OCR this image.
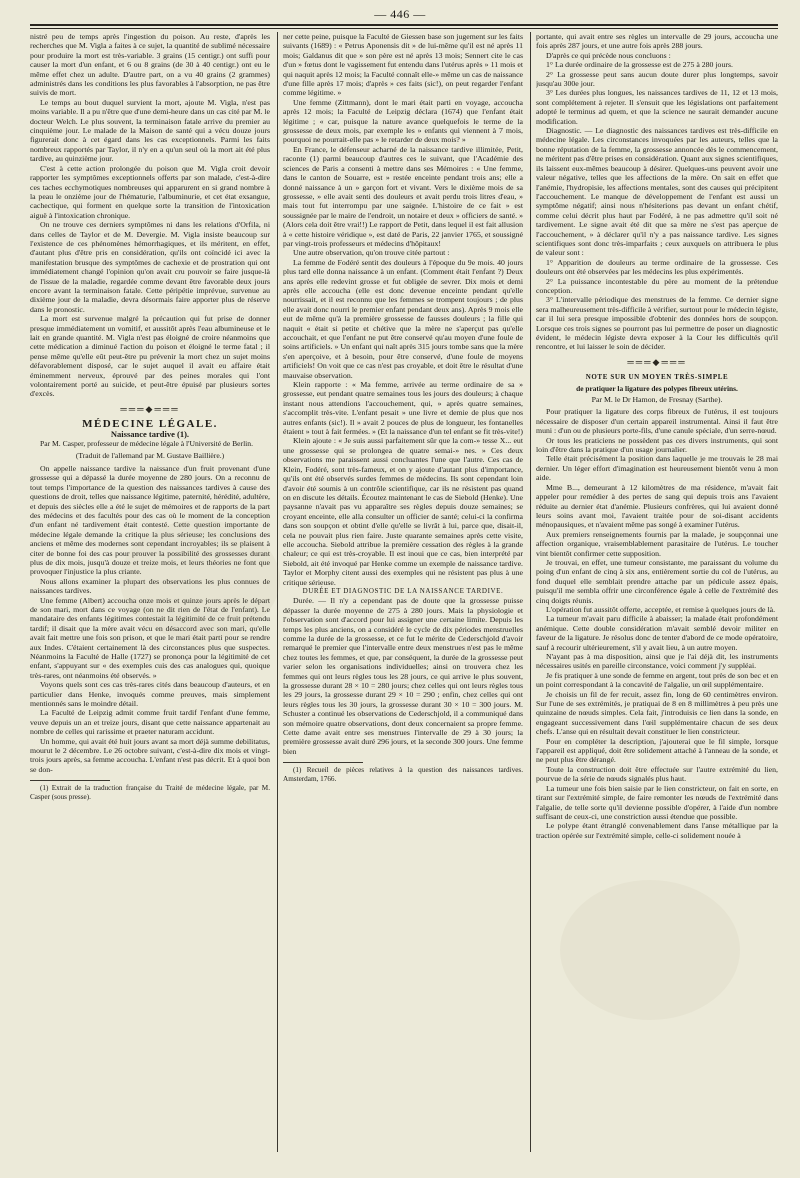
— 446 —

nistré peu de temps après l'ingestion du poison. Au reste, d'après les recherches que M. Vigla a faites à ce sujet, la quantité de sublimé nécessaire pour produire la mort est très-variable. 3 grains (15 centigr.) ont suffi pour causer la mort d'un enfant, et 6 ou 8 grains (de 30 à 40 centigr.) ont eu le même effet chez un adulte. D'autre part, on a vu 40 grains (2 grammes) administrés dans les conditions les plus favorables à l'absorption, ne pas être suivis de mort.

Le temps au bout duquel survient la mort, ajoute M. Vigla, n'est pas moins variable. Il a pu n'être que d'une demi-heure dans un cas cité par M. le docteur Welch. Le plus souvent, la terminaison fatale arrive du premier au cinquième jour. Le malade de la Maison de santé qui a vécu douze jours figurerait donc à cet égard dans les cas exceptionnels. Parmi les faits nombreux rapportés par Taylor, il n'y en a qu'un seul où la mort ait été plus tardive, au quinzième jour.

C'est à cette action prolongée du poison que M. Vigla croit devoir rapporter les symptômes exceptionnels offerts par son malade, c'est-à-dire ces taches ecchymotiques nombreuses qui apparurent en si grand nombre à la peau le onzième jour de l'hématurie, l'albuminurie, et cet état exsangue, cachectique, qui forment en quelque sorte la transition de l'intoxication aiguë à l'intoxication chronique.

On ne trouve ces derniers symptômes ni dans les relations d'Orfila, ni dans celles de Taylor et de M. Devergie. M. Vigla insiste beaucoup sur l'existence de ces phénomènes hémorrhagiques, et ils méritent, en effet, d'autant plus d'être pris en considération, qu'ils ont coïncidé ici avec la manifestation brusque des symptômes de cachexie et de prostration qui ont immédiatement changé l'opinion qu'on avait cru pouvoir se faire jusque-là de l'issue de la maladie, regardée comme devant être favorable deux jours encore avant la terminaison fatale. Cette péripétie imprévue, survenue au dixième jour de la maladie, devra désormais faire apporter plus de réserve dans le pronostic.

La mort est survenue malgré la précaution qui fut prise de donner presque immédiatement un vomitif, et aussitôt après l'eau albumineuse et le lait en grande quantité. M. Vigla n'est pas éloigné de croire néanmoins que cette médication a diminué l'action du poison et éloigné le terme fatal ; il pense même qu'elle eût peut-être pu prévenir la mort chez un sujet moins défavorablement disposé, car le sujet auquel il avait eu affaire était éminemment nerveux, éprouvé par des peines morales qui l'ont volontairement porté au suicide, et peut-être épuisé par plusieurs sortes d'excès.

═══◆═══

MÉDECINE LÉGALE.

Naissance tardive (1).

Par M. Casper, professeur de médecine légale à l'Université de Berlin.

(Traduit de l'allemand par M. Gustave Baillière.)

On appelle naissance tardive la naissance d'un fruit provenant d'une grossesse qui a dépassé la durée moyenne de 280 jours. On a reconnu de tout temps l'importance de la question des naissances tardives à cause des questions de droit, telles que naissance légitime, paternité, hérédité, adultère, et depuis des siècles elle a été le sujet de mémoires et de rapports de la part des médecins et des facultés pour des cas où le moment de la conception d'un enfant né tardivement était contesté. Cette question importante de médecine légale demande la critique la plus sérieuse; les conclusions des anciens et même des modernes sont cependant incroyables; ils se plaisent à citer de bonne foi des cas pour prouver la possibilité des grossesses durant plus de dix mois, jusqu'à douze et treize mois, et leurs théories ne font que provoquer l'injustice la plus criante.

Nous allons examiner la plupart des observations les plus connues de naissances tardives.

Une femme (Albert) accoucha onze mois et quinze jours après le départ de son mari, mort dans ce voyage (on ne dit rien de l'état de l'enfant). Le mandataire des enfants légitimes contestait la légitimité de ce fruit prétendu tardif; il disait que la mère avait vécu en désaccord avec son mari, qu'elle avait fait mettre une fois son prison, et que le mari était parti pour se rendre aux Indes. C'étaient certainement là des circonstances plus que suspectes. Néanmoins la Faculté de Halle (1727) se prononça pour la légitimité de cet enfant, s'appuyant sur « des exemples cuis des cas analogues qui, quoique très-rares, ont néanmoins été observés. »

Voyons quels sont ces cas très-rares cités dans beaucoup d'auteurs, et en particulier dans Henke, invoqués comme preuves, mais simplement mentionnés sans le moindre détail.

La Faculté de Leipzig admit comme fruit tardif l'enfant d'une femme, veuve depuis un an et treize jours, disant que cette naissance appartenait au nombre de celles qui rarissime et praeter naturam accidunt.

Un homme, qui avait été huit jours avant sa mort déjà summe debilitatus, mourut le 2 décembre. Le 26 octobre suivant, c'est-à-dire dix mois et vingt-trois jours après, sa femme accoucha. L'enfant n'est pas décrit. Et à quoi bon se don-

(1) Extrait de la traduction française du Traité de médecine légale, par M. Casper (sous presse).

ner cette peine, puisque la Faculté de Giessen base son jugement sur les faits suivants (1689) : « Petrus Aponensis dit » de lui-même qu'il est né après 11 mois; Galdanus dit que » son père est né après 13 mois; Sennert cite le cas d'un » fœtus dont le vagissement fut entendu dans l'utérus après » 11 mois et qui naquit après 12 mois; la Faculté connaît elle-» même un cas de naissance d'une fille après 17 mois; d'après » ces faits (sic!), on peut regarder l'enfant comme légitime. »

Une femme (Zittmann), dont le mari était parti en voyage, accoucha après 12 mois; la Faculté de Leipzig déclara (1674) que l'enfant était légitime ; « car, puisque la nature avance quelquefois le terme de la grossesse de deux mois, par exemple les » enfants qui viennent à 7 mois, pourquoi ne pourrait-elle pas » le retarder de deux mois? »

En France, le défenseur acharné de la naissance tardive illimitée, Petit, raconte (1) parmi beaucoup d'autres ces le suivant, que l'Académie des sciences de Paris a consenti à mettre dans ses Mémoires : « Une femme, dans le canton de Souarre, est » restée enceinte pendant trois ans; elle a donné naissance à un » garçon fort et vivant. Vers le dixième mois de sa grossesse, » elle avait senti des douleurs et avait perdu trois litres d'eau, » mais tout fut interrompu par une saignée. L'histoire de ce fait » est soussignée par le maire de l'endroit, un notaire et deux » officiers de santé. » (Alors cela doit être vrai!!) Le rapport de Petit, dans lequel il est fait allusion à « cette histoire véridique », est daté de Paris, 22 janvier 1765, et soussigné par vingt-trois professeurs et médecins d'hôpitaux!

Une autre observation, qu'on trouve citée partout :

La femme de Fodéré sentit des douleurs à l'époque du 9e mois. 40 jours plus tard elle donna naissance à un enfant. (Comment était l'enfant ?) Deux ans après elle redevint grosse et fut obligée de sevrer. Dix mois et demi après elle accoucha (elle est donc devenue enceinte pendant qu'elle nourrissait, et il est reconnu que les femmes se trompent toujours ; de plus elle avait donc nourri le premier enfant pendant deux ans). Après 9 mois elle eut de même qu'à la première grossesse de fausses douleurs ; la fille qui naquit « était si petite et chétive que la mère ne s'aperçut pas qu'elle accouchait, et que l'enfant ne put être conservé qu'au moyen d'une foule de soins artificiels. » Un enfant qui naît après 315 jours tombe sans que la mère s'en aperçoive, et à besoin, pour être conservé, d'une foule de moyens artificiels! On voit que ce cas n'est pas croyable, et doit être le résultat d'une mauvaise observation.

Klein rapporte : « Ma femme, arrivée au terme ordinaire de sa » grossesse, eut pendant quatre semaines tous les jours des douleurs; à chaque instant nous attendions l'accouchement, qui, » après quatre semaines, s'accomplit très-vite. L'enfant pesait » une livre et demie de plus que nos autres enfants (sic!). Il » avait 2 pouces de plus de longueur, les fontanelles étaient » tout à fait fermées. » (Et la naissance d'un tel enfant se fit très-vite!)

Klein ajoute : « Je suis aussi parfaitement sûr que la com-» tesse X... eut une grossesse qui se prolongea de quatre semai-» nes. » Ces deux observations me paraissent aussi concluantes l'une que l'autre. Ces cas de Klein, Fodéré, sont très-fameux, et on y ajoute d'autant plus d'importance, qu'ils ont été observés surdes femmes de médecins. Ils sont cependant loin d'avoir été soumis à un contrôle scientifique, car ils ne résistent pas quand on en discute les détails. Écoutez maintenant le cas de Siebold (Henke). Une paysanne n'avait pas vu apparaître ses règles depuis douze semaines; se croyant enceinte, elle alla consulter un officier de santé; celui-ci la confirma dans son soupçon et obtint d'elle qu'elle se livrât à lui, parce que, disait-il, cela ne pouvait plus rien faire. Juste quarante semaines après cette visite, elle accoucha. Siebold attribue la première cessation des règles à la grande chaleur; ce qui est très-croyable. Il est inoui que ce cas, bien interprété par Siebold, ait été invoqué par Henke comme un exemple de naissance tardive. Taylor et Morphy citent aussi des exemples qui ne résistent pas plus à une critique sérieuse.

DURÉE ET DIAGNOSTIC DE LA NAISSANCE TARDIVE.

Durée. — Il n'y a cependant pas de doute que la grossesse puisse dépasser la durée moyenne de 275 à 280 jours. Mais la physiologie et l'observation sont d'accord pour lui assigner une certaine limite. Depuis les temps les plus anciens, on a considéré le cycle de dix périodes menstruelles comme la durée de la grossesse, et ce fut le mérite de Cederschjold d'avoir remarqué le premier que l'intervalle entre deux menstrues n'est pas le même chez toutes les femmes, et que, par conséquent, la durée de la grossesse peut varier selon les organisations individuelles; ainsi on trouvera chez les femmes qui ont leurs règles tous les 28 jours, ce qui arrive le plus souvent, la grossesse durant 28 × 10 = 280 jours; chez celles qui ont leurs règles tous les 29 jours, la grossesse durant 29 × 10 = 290 ; enfin, chez celles qui ont leurs règles tous les 30 jours, la grossesse durant 30 × 10 = 300 jours. M. Schuster a continué les observations de Cederschjold, il a communiqué dans son mémoire quatre observations, dont deux concernaient sa propre femme. Cette dame avait entre ses menstrues l'intervalle de 29 à 30 jours; la première grossesse avait duré 296 jours, et la seconde 300 jours. Une femme bien

(1) Recueil de pièces relatives à la question des naissances tardives. Amsterdam, 1766.

portante, qui avait entre ses règles un intervalle de 29 jours, accoucha une fois après 287 jours, et une autre fois après 288 jours.

D'après ce qui précède nous concluons :

1° La durée ordinaire de la grossesse est de 275 à 280 jours.

2° La grossesse peut sans aucun doute durer plus longtemps, savoir jusqu'au 300e jour.

3° Les durées plus longues, les naissances tardives de 11, 12 et 13 mois, sont complétement à rejeter. Il s'ensuit que les législations ont parfaitement adopté le terminus ad quem, et que la science ne saurait demander aucune modification.

Diagnostic. — Le diagnostic des naissances tardives est très-difficile en médecine légale. Les circonstances invoquées par les auteurs, telles que la bonne réputation de la femme, la grossesse annoncée dès le commencement, ne méritent pas d'être prises en considération. Quant aux signes scientifiques, ils laissent eux-mêmes beaucoup à désirer. Quelques-uns peuvent avoir une valeur négative, telles que les affections de la mère. On sait en effet que l'anémie, l'hydropisie, les affections mentales, sont des causes qui précipitent l'accouchement. Le manque de développement de l'enfant est aussi un symptôme négatif; ainsi nous n'hésiterions pas devant un enfant chétif, comme celui décrit plus haut par Fodéré, à ne pas admettre qu'il soit né tardivement. Le signe avait été dit que sa mère ne s'est pas aperçue de l'accouchement, » à déclarer qu'il n'y a pas naissance tardive. Les signes scientifiques sont donc très-imparfaits ; ceux auxquels on attribuera le plus de valeur sont :

1° Apparition de douleurs au terme ordinaire de la grossesse. Ces douleurs ont été observées par les médecins les plus expérimentés.

2° La puissance incontestable du père au moment de la prétendue conception.

3° L'intervalle périodique des menstrues de la femme. Ce dernier signe sera malheureusement très-difficile à vérifier, surtout pour le médecin légiste, car il lui sera presque impossible d'obtenir des données hors de soupçon. Lorsque ces trois signes se pourront pas lui permettre de poser un diagnostic évident, le médecin légiste devra exposer à la Cour les difficultés qu'il rencontre, et lui laisser le soin de décider.

═══◆═══

NOTE SUR UN MOYEN TRÈS-SIMPLE

de pratiquer la ligature des polypes fibreux utérins.

Par M. le Dr Hamon, de Fresnay (Sarthe).

Pour pratiquer la ligature des corps fibreux de l'utérus, il est toujours nécessaire de disposer d'un certain appareil instrumental. Ainsi il faut être muni : d'un ou de plusieurs porte-fils, d'une canule spéciale, d'un serre-nœud.

Or tous les praticiens ne possèdent pas ces divers instruments, qui sont loin d'être dans la pratique d'un usage journalier.

Telle était précisément la position dans laquelle je me trouvais le 28 mai dernier. Un léger effort d'imagination est heureusement bientôt venu à mon aide.

Mme B..., demeurant à 12 kilomètres de ma résidence, m'avait fait appeler pour remédier à des pertes de sang qui depuis trois ans l'avaient réduite au dernier état d'anémie. Plusieurs confrères, qui lui avaient donné leurs soins avant moi, l'avaient traitée pour de soi-disant accidents ménopausiques, et n'avaient même pas songé à examiner l'utérus.

Aux premiers renseignements fournis par la malade, je soupçonnai une affection organique, vraisemblablement parasitaire de l'utérus. Le toucher vint bientôt confirmer cette supposition.

Je trouvai, en effet, une tumeur consistante, me paraissant du volume du poing d'un enfant de cinq à six ans, entièrement sortie du col de l'utérus, au fond duquel elle semblait prendre attache par un pédicule assez épais, puisqu'il me sembla offrir une circonférence égale à celle de l'extrémité des cinq doigts réunis.

L'opération fut aussitôt offerte, acceptée, et remise à quelques jours de là.

La tumeur m'avait paru difficile à abaisser; la malade était profondément anémique. Cette double considération m'avait semblé devoir militer en faveur de la ligature. Je résolus donc de tenter d'abord de ce mode opératoire, sauf à recourir ultérieurement, s'il y avait lieu, à un autre moyen.

N'ayant pas à ma disposition, ainsi que je l'ai déjà dit, les instruments nécessaires usités en pareille circonstance, voici comment j'y suppléai.

Je fis pratiquer à une sonde de femme en argent, tout près de son bec et en un point correspondant à la concavité de l'algalie, un œil supplémentaire.

Je choisis un fil de fer recuit, assez fin, long de 60 centimètres environ. Sur l'une de ses extrémités, je pratiquai de 8 en 8 millimètres à peu près une quinzaine de nœuds simples. Cela fait, j'introduisis ce lien dans la sonde, en engageant successivement dans l'œil supplémentaire chacun de ses deux chefs. L'anse qui en résultait devait constituer le lien constricteur.

Pour en compléter la description, j'ajouterai que le fil simple, lorsque l'appareil est appliqué, doit être solidement attaché à l'anneau de la sonde, et ne peut plus être dérangé.

Toute la construction doit être effectuée sur l'autre extrémité du lien, pourvue de la série de nœuds signalés plus haut.

La tumeur une fois bien saisie par le lien constricteur, on fait en sorte, en tirant sur l'extrémité simple, de faire remonter les nœuds de l'extrémité dans l'algalie, de telle sorte qu'il devienne possible d'opérer, à l'aide d'un nombre suffisant de ceux-ci, une constriction aussi étendue que possible.

Le polype étant étranglé convenablement dans l'anse métallique par la traction opérée sur l'extrémité simple, celle-ci solidement nouée à
